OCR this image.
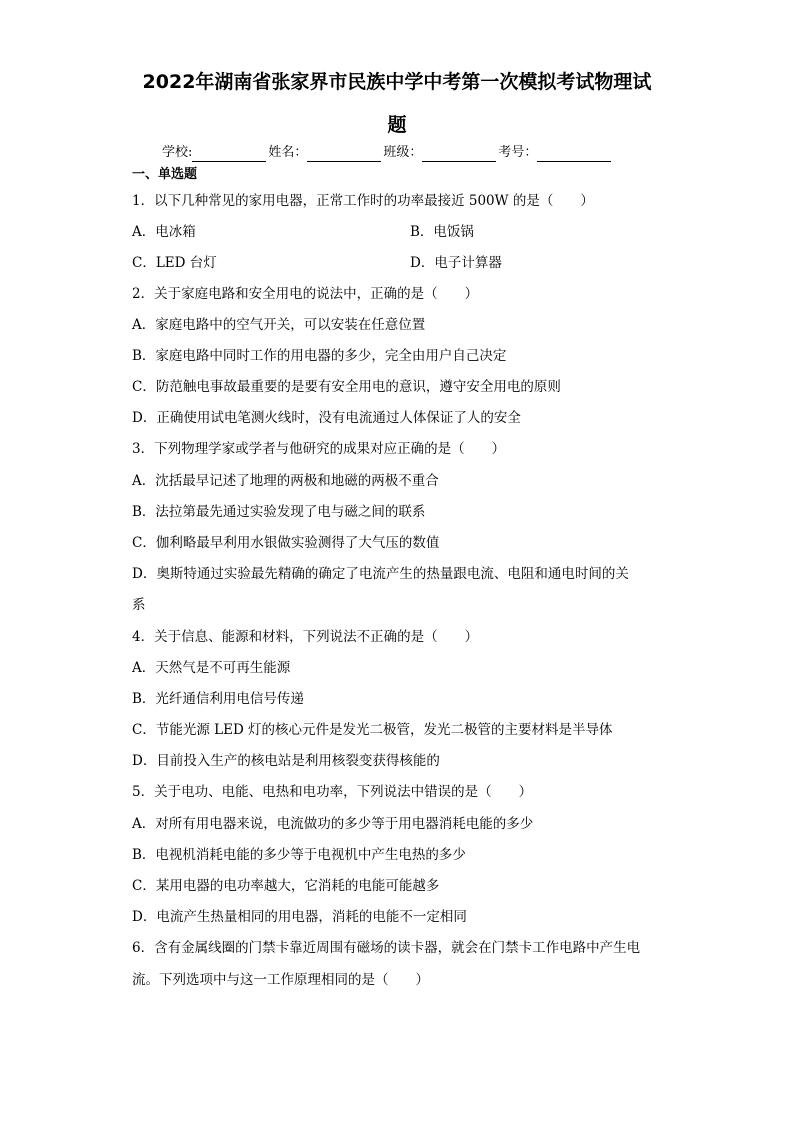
2022年湖南省张家界市民族中学中考第一次模拟考试物理试
题
学校:	姓名：	班级：	考号：
一、单选题
1．以下几种常见的家用电器，正常工作时的功率最接近 500W 的是（　　）
A．电冰箱	B．电饭锅
C．LED 台灯	D．电子计算器
2．关于家庭电路和安全用电的说法中，正确的是（　　）
A．家庭电路中的空气开关，可以安装在任意位置
B．家庭电路中同时工作的用电器的多少，完全由用户自己决定
C．防范触电事故最重要的是要有安全用电的意识，遵守安全用电的原则
D．正确使用试电笔测火线时，没有电流通过人体保证了人的安全
3．下列物理学家或学者与他研究的成果对应正确的是（　　）
A．沈括最早记述了地理的两极和地磁的两极不重合
B．法拉第最先通过实验发现了电与磁之间的联系
C．伽利略最早利用水银做实验测得了大气压的数值
D．奥斯特通过实验最先精确的确定了电流产生的热量跟电流、电阻和通电时间的关
系
4．关于信息、能源和材料，下列说法不正确的是（　　）
A．天然气是不可再生能源
B．光纤通信利用电信号传递
C．节能光源 LED 灯的核心元件是发光二极管，发光二极管的主要材料是半导体
D．目前投入生产的核电站是利用核裂变获得核能的
5．关于电功、电能、电热和电功率，下列说法中错误的是（　　）
A．对所有用电器来说，电流做功的多少等于用电器消耗电能的多少
B．电视机消耗电能的多少等于电视机中产生电热的多少
C．某用电器的电功率越大，它消耗的电能可能越多
D．电流产生热量相同的用电器，消耗的电能不一定相同
6．含有金属线圈的门禁卡靠近周围有磁场的读卡器，就会在门禁卡工作电路中产生电
流。下列选项中与这一工作原理相同的是（　　）
